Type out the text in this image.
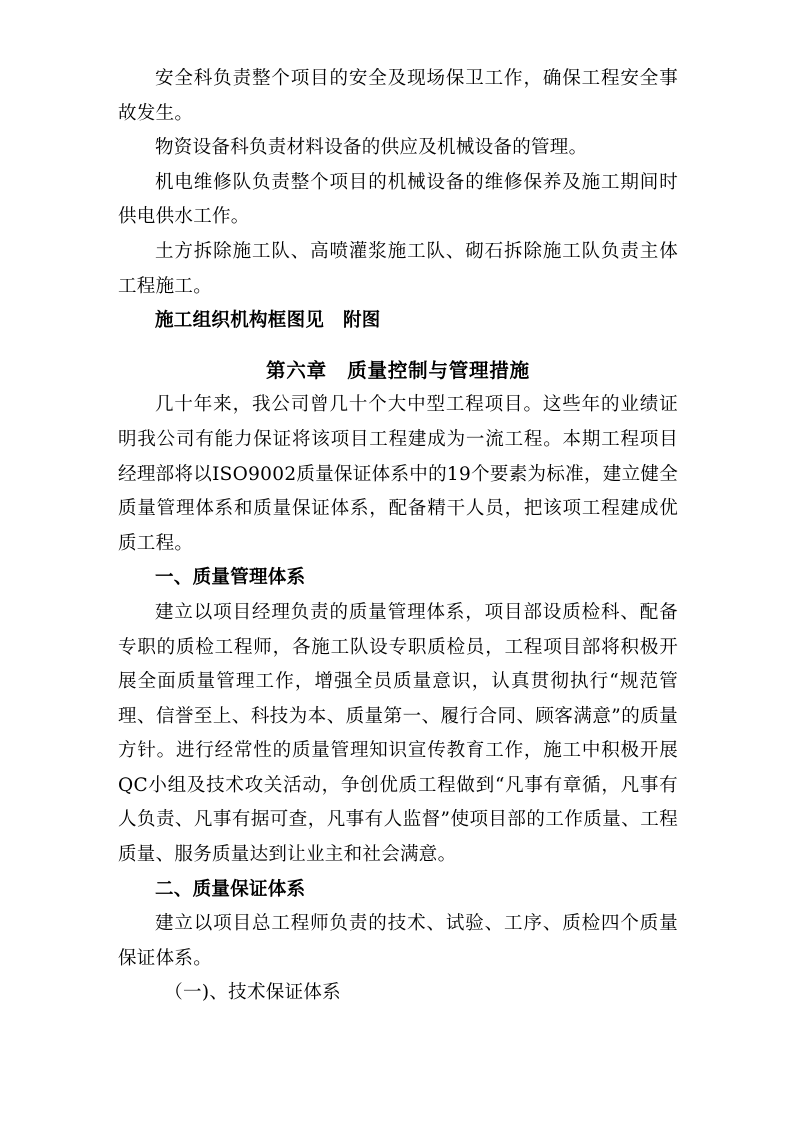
安全科负责整个项目的安全及现场保卫工作，确保工程安全事故发生。

物资设备科负责材料设备的供应及机械设备的管理。

机电维修队负责整个项目的机械设备的维修保养及施工期间时供电供水工作。

土方拆除施工队、高喷灌浆施工队、砌石拆除施工队负责主体工程施工。

施工组织机构框图见　附图

第六章　质量控制与管理措施

几十年来，我公司曾几十个大中型工程项目。这些年的业绩证明我公司有能力保证将该项目工程建成为一流工程。本期工程项目经理部将以ISO9002质量保证体系中的19个要素为标准，建立健全质量管理体系和质量保证体系，配备精干人员，把该项工程建成优质工程。

一、质量管理体系

建立以项目经理负责的质量管理体系，项目部设质检科、配备专职的质检工程师，各施工队设专职质检员，工程项目部将积极开展全面质量管理工作，增强全员质量意识，认真贯彻执行“规范管理、信誉至上、科技为本、质量第一、履行合同、顾客满意”的质量方针。进行经常性的质量管理知识宣传教育工作，施工中积极开展QC小组及技术攻关活动，争创优质工程做到“凡事有章循，凡事有人负责、凡事有据可查，凡事有人监督”使项目部的工作质量、工程质量、服务质量达到让业主和社会满意。

二、质量保证体系

建立以项目总工程师负责的技术、试验、工序、质检四个质量保证体系。

（一)、技术保证体系
